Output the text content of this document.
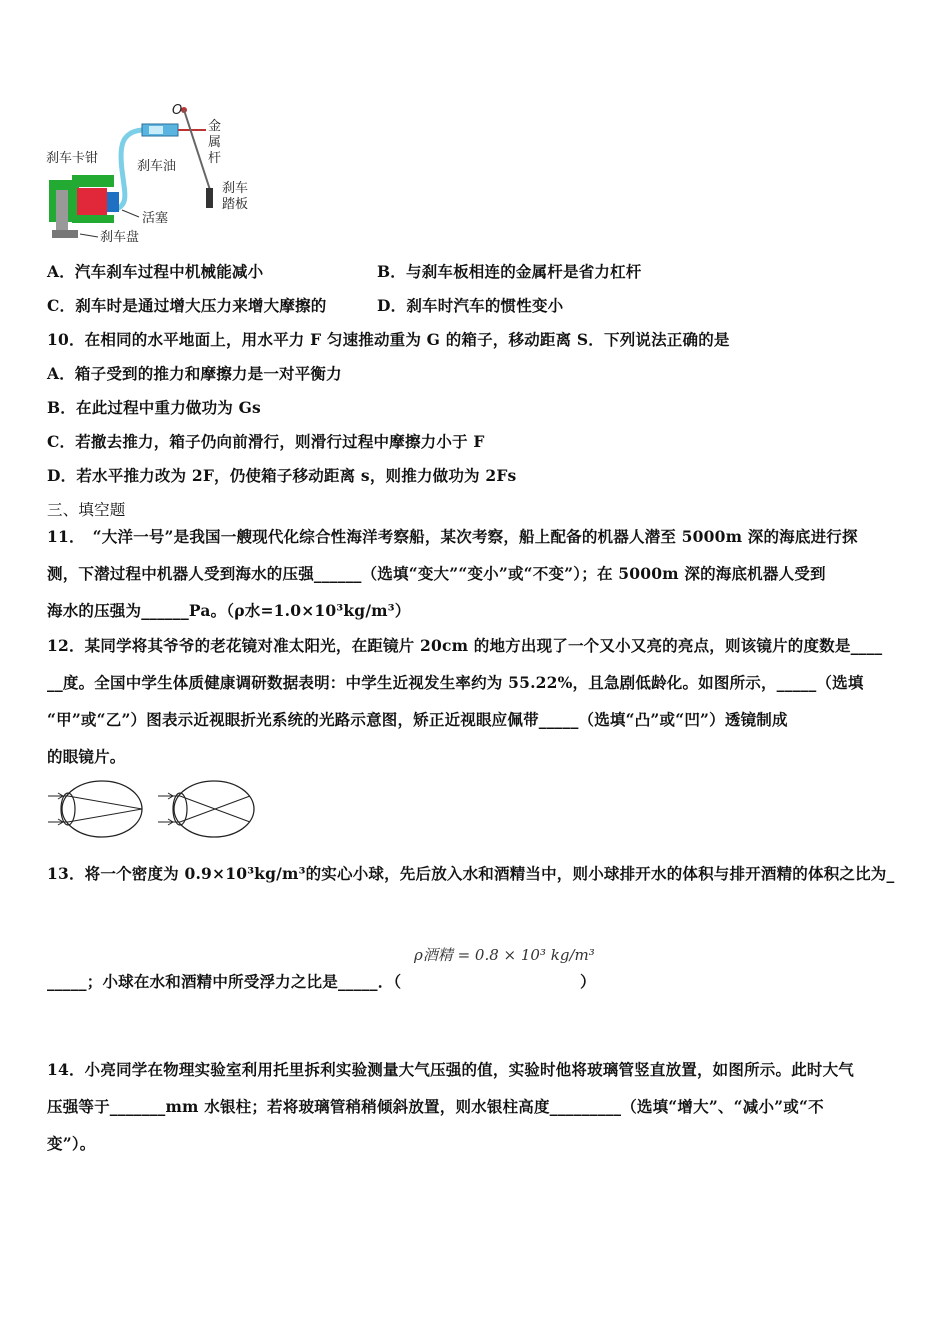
刹车卡钳
刹车油
O
金
属
杆
刹车
踏板
活塞
刹车盘
A．汽车刹车过程中机械能减小	B．与刹车板相连的金属杆是省力杠杆
C．刹车时是通过增大压力来增大摩擦的	D．刹车时汽车的惯性变小
10．在相同的水平地面上，用水平力 F 匀速推动重为 G 的箱子，移动距离 S．下列说法正确的是
A．箱子受到的推力和摩擦力是一对平衡力
B．在此过程中重力做功为 Gs
C．若撤去推力，箱子仍向前滑行，则滑行过程中摩擦力小于 F
D．若水平推力改为 2F，仍使箱子移动距离 s，则推力做功为 2Fs
三、填空题
11．　“大洋一号”是我国一艘现代化综合性海洋考察船，某次考察，船上配备的机器人潜至 5000m 深的海底进行探
测，下潜过程中机器人受到海水的压强______（选填“变大”“变小”或“不变”）；在 5000m 深的海底机器人受到
海水的压强为______Pa。（ρ水=1.0×10³kg/m³）
12．某同学将其爷爷的老花镜对准太阳光，在距镜片 20cm 的地方出现了一个又小又亮的亮点，则该镜片的度数是____
__度。全国中学生体质健康调研数据表明：中学生近视发生率约为 55.22%，且急剧低龄化。如图所示，_____（选填
“甲”或“乙”）图表示近视眼折光系统的光路示意图，矫正近视眼应佩带_____（选填“凸”或“凹”）透镜制成
的眼镜片。
13．将一个密度为 0.9×10³kg/m³的实心小球，先后放入水和酒精当中，则小球排开水的体积与排开酒精的体积之比为_
_____；小球在水和酒精中所受浮力之比是_____．（
ρ酒精 = 0.8 × 10³ kg/m³
）
14．小亮同学在物理实验室利用托里拆利实验测量大气压强的值，实验时他将玻璃管竖直放置，如图所示。此时大气
压强等于_______mm 水银柱；若将玻璃管稍稍倾斜放置，则水银柱高度_________（选填“增大”、“减小”或“不
变”）。
